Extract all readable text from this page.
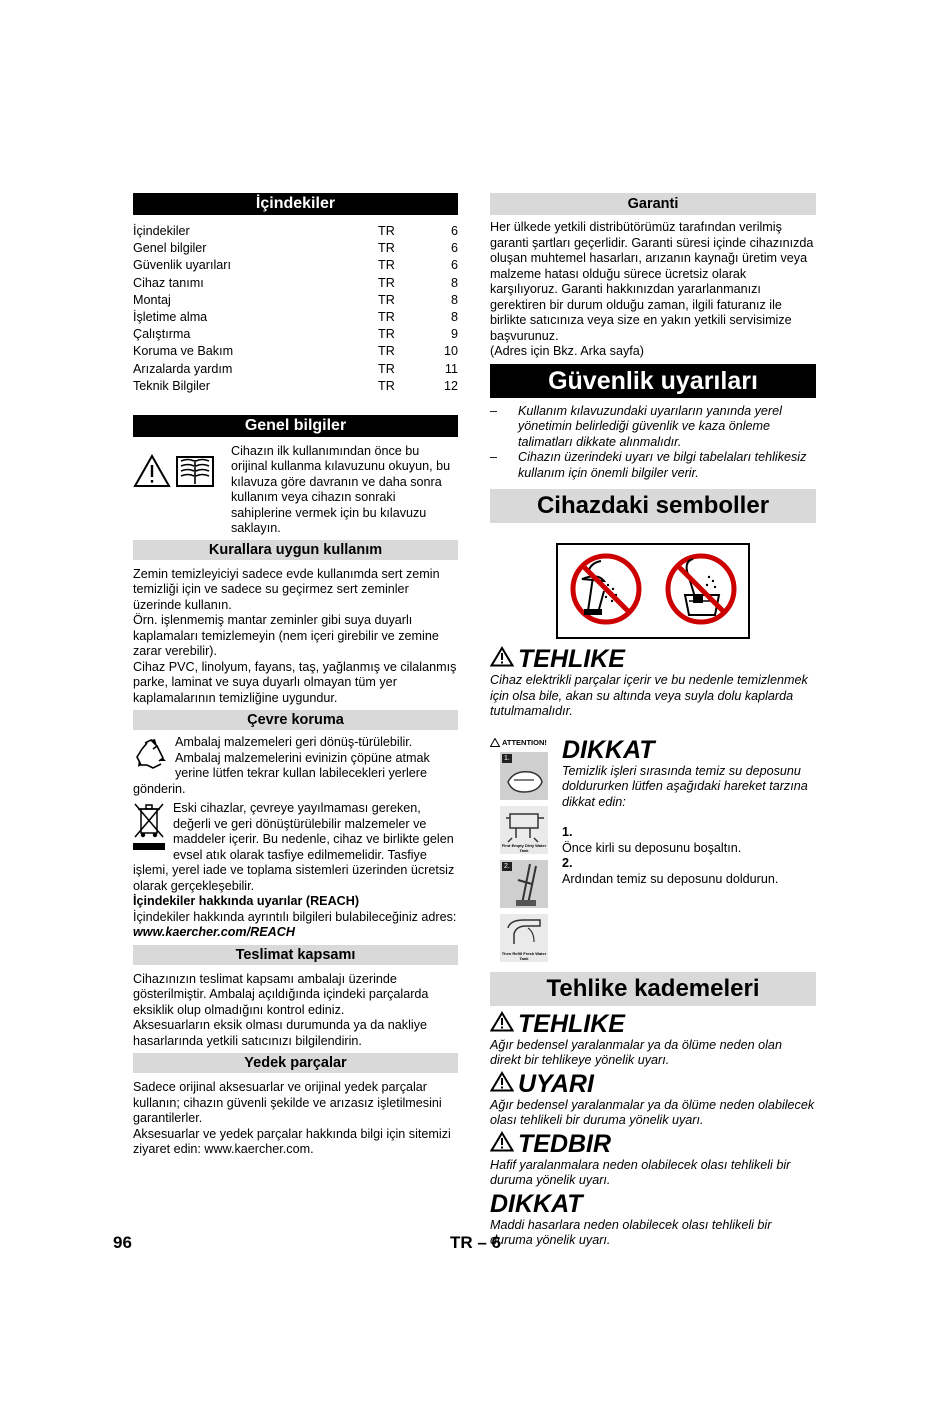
İçindekiler
İçindekiler	TR	6
Genel bilgiler	TR	6
Güvenlik uyarıları	TR	6
Cihaz tanımı	TR	8
Montaj	TR	8
İşletime alma	TR	8
Çalıştırma	TR	9
Koruma ve Bakım	TR	10
Arızalarda yardım	TR	11
Teknik Bilgiler	TR	12
Genel bilgiler

Cihazın ilk kullanımından önce bu orijinal kullanma kılavuzunu okuyun, bu kılavuza göre davranın ve daha sonra kullanım veya cihazın sonraki sahiplerine vermek için bu kılavuzu saklayın.

Kurallara uygun kullanım

Zemin temizleyiciyi sadece evde kullanımda sert zemin temizliği için ve sadece su geçirmez sert zeminler üzerinde kullanın.

Örn. işlenmemiş mantar zeminler gibi suya duyarlı kaplamaları temizlemeyin (nem içeri girebilir ve zemine zarar verebilir).

Cihaz PVC, linolyum, fayans, taş, yağlanmış ve cilalanmış parke, laminat ve suya duyarlı olmayan tüm yer kaplamalarının temizliğine uygundur.

Çevre koruma

Ambalaj malzemeleri geri dönüş-türülebilir. Ambalaj malzemelerini evinizin çöpüne atmak yerine lütfen tekrar kullan labilecekleri yerlere gönderin.

Eski cihazlar, çevreye yayılmaması gereken, değerli ve geri dönüştürülebilir malzemeler ve maddeler içerir. Bu nedenle, cihaz ve birlikte gelen evsel atık olarak tasfiye edilmemelidir. Tasfiye işlemi, yerel iade ve toplama sistemleri üzerinden ücretsiz olarak gerçekleşebilir.

İçindekiler hakkında uyarılar (REACH)

İçindekiler hakkında ayrıntılı bilgileri bulabileceğiniz adres:

www.kaercher.com/REACH

Teslimat kapsamı

Cihazınızın teslimat kapsamı ambalajı üzerinde gösterilmiştir. Ambalaj açıldığında içindeki parçalarda eksiklik olup olmadığını kontrol ediniz.

Aksesuarların eksik olması durumunda ya da nakliye hasarlarında yetkili satıcınızı bilgilendirin.

Yedek parçalar

Sadece orijinal aksesuarlar ve orijinal yedek parçalar kullanın; cihazın güvenli şekilde ve arızasız işletilmesini garantilerler.

Aksesuarlar ve yedek parçalar hakkında bilgi için sitemizi ziyaret edin: www.kaercher.com.

Garanti

Her ülkede yetkili distribütörümüz tarafından verilmiş garanti şartları geçerlidir. Garanti süresi içinde cihazınızda oluşan muhtemel hasarları, arızanın kaynağı üretim veya malzeme hatası olduğu sürece ücretsiz olarak karşılıyoruz. Garanti hakkınızdan yararlanmanızı gerektiren bir durum olduğu zaman, ilgili faturanız ile birlikte satıcınıza veya size en yakın yetkili servisimize başvurunuz.

(Adres için Bkz. Arka sayfa)

Güvenlik uyarıları
–	Kullanım kılavuzundaki uyarıların yanında yerel yönetimin belirlediği güvenlik ve kaza önleme talimatları dikkate alınmalıdır.
–	Cihazın üzerindeki uyarı ve bilgi tabelaları tehlikesiz kullanım için önemli bilgiler verir.
Cihazdaki semboller
TEHLIKE

Cihaz elektrikli parçalar içerir ve bu nedenle temizlenmek için olsa bile, akan su altında veya suyla dolu kaplarda tutulmamalıdır.

ATTENTION!
1.
First Empty Dirty Water Tank
2.
Then Refill Fresh Water Tank
DIKKAT

Temizlik işleri sırasında temiz su deposunu doldururken lütfen aşağıdaki hareket tarzına dikkat edin:

1.

Önce kirli su deposunu boşaltın.

2.

Ardından temiz su deposunu doldurun.

Tehlike kademeleri
TEHLIKE

Ağır bedensel yaralanmalar ya da ölüme neden olan direkt bir tehlikeye yönelik uyarı.

UYARI

Ağır bedensel yaralanmalar ya da ölüme neden olabilecek olası tehlikeli bir duruma yönelik uyarı.

TEDBIR

Hafif yaralanmalara neden olabilecek olası tehlikeli bir duruma yönelik uyarı.

DIKKAT

Maddi hasarlara neden olabilecek olası tehlikeli bir duruma yönelik uyarı.

96	TR – 6
